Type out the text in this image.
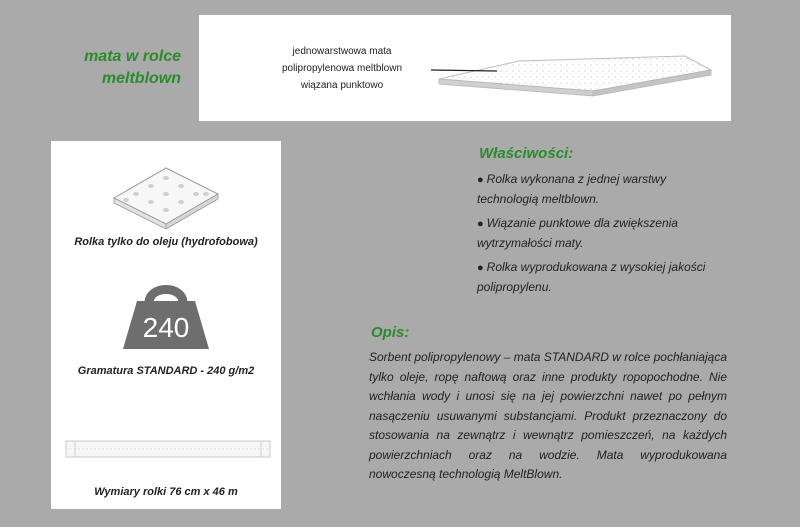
mata w rolce
meltblown
jednowarstwowa mata
polipropylenowa meltblown
wiązana punktowo
Rolka tylko do oleju (hydrofobowa)
240
Gramatura STANDARD - 240 g/m2
Wymiary rolki 76 cm x 46 m
Właściwości:
● Rolka wykonana z jednej warstwy technologią meltblown.
● Wiązanie punktowe dla zwiększenia wytrzymałości maty.
● Rolka wyprodukowana z wysokiej jakości polipropylenu.
Opis:
Sorbent polipropylenowy – mata STANDARD w rolce pochłaniająca tylko oleje, ropę naftową oraz inne produkty ropopochodne. Nie wchłania wody i unosi się na jej powierzchni nawet po pełnym nasączeniu usuwanymi substancjami. Produkt przeznaczony do stosowania na zewnątrz i wewnątrz pomieszczeń, na każdych powierzchniach oraz na wodzie. Mata wyprodukowana nowoczesną technologią MeltBlown.
